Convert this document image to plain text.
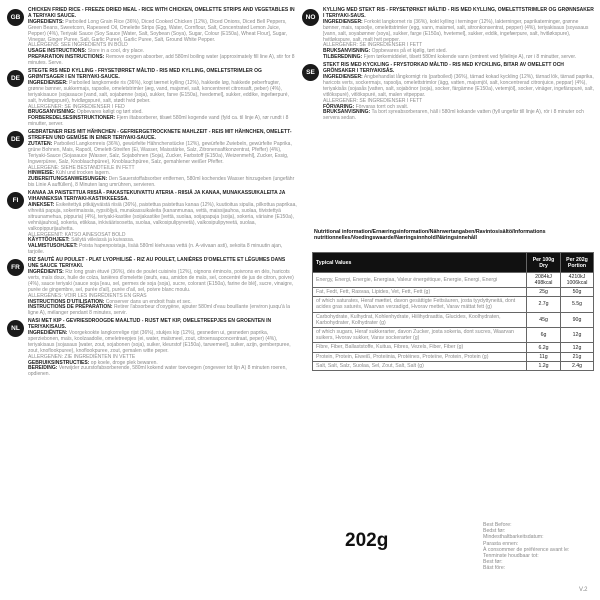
GB

CHICKEN FRIED RICE - FREEZE DRIED MEAL - RICE WITH CHICKEN, OMELETTE STRIPS AND VEGETABLES IN A TERIYAKI SAUCE.

INGREDIENTS: Parboiled Long Grain Rice (36%), Diced Cooked Chicken (12%), Diced Onions, Diced Bell Peppers, Green Beans, Sweetcorn, Rapeseed Oil, Omelette Strips (Egg, Water, Cornflour, Salt, Concentrated Lemon Juice, Pepper) (4%), Teriyaki Sauce (Soy Sauce [Water, Salt, Soybean (Soya), Sugar, Colour (E150a), Wheat Flour], Sugar, Vinegar, Ginger Puree, Salt, Garlic Puree), Garlic Puree, Salt, Ground White Pepper.

ALLERGENS: SEE INGREDIENTS IN BOLD

USAGE INSTRUCTIONS: Store in a cool, dry place.

PREPARATION INSTRUCTIONS: Remove oxygen absorber, add 580ml boiling water (approximately fill line A), stir for 8 minutes. Serve.

DE

STEGTE RIS MED KYLLING - FRYSETØRRET MÅLTID - RIS MED KYLLING, OMELETSTRIMLER OG GRØNTSAGER I EN TERIYAKI-SAUCE.

INGREDIENSER: Parboiled langkornede ris (36%), kogt tærnet kylling (12%), hakkede løg, hakkede peberfrugter, grønne bønner, sukkermajs, rapsolie, omeletstrimler (æg, vand, majsmel, salt, koncentreret citronsaft, peber) (4%), teriyakisauce (sojasauce [vand, salt, sojabønne (soja), sukker, farve (E150a), hvedemel], sukker, eddike, ingefærpuré, salt, hvidløgspuré), hvidløgspuré, salt, stødt hvid peber.

ALLERGENER: SE INGREDIENSER I FED

BRUGSANVISNING: Opbevares køligt og tørt sted.

FORBEREDELSESINSTRUKTIONER: Fjern iltabsorberer, tilsæt 580ml kogende vand (fyld ca. til linje A), rør rundt i 8 minutter, server.

DE

GEBRATENER REIS MIT HÄHNCHEN - GEFRIERGETROCKNETE MAHLZEIT - REIS MIT HÄHNCHEN, OMELETT-STREIFEN UND GEMÜSE IN EINER TERIYAKI-SAUCE.

ZUTATEN: Parboiled Langkornreis (36%), gewürfelte Hähnchenstücke (12%), gewürfelte Zwiebeln, gewürfelte Paprika, grüne Bohnen, Mais, Rapsöl, Omelett-Streifen (Ei, Wasser, Maisstärke, Salz, Zitronensaftkonzentrat, Pfeffer) (4%), Teriyaki-Sauce (Sojasauce [Wasser, Salz, Sojabohnen (Soja), Zucker, Farbstoff (E150a), Weizenmehl], Zucker, Essig, Ingwerpüree, Salz, Knoblauchpüree), Knoblauchpüree, Salz, gemahlener weißer Pfeffer.

ALLERGENE: SIEHE BESTANDTEILE IN FETT

HINWEISE: Kühl und trocken lagern.

ZUBEREITUNGSANWEISUNGEN: Den Sauerstoffabsorber entfernen, 580ml kochendes Wasser hinzugeben (ungefähr bis Linie A auffüllen), 8 Minuten lang umrühren, servieren.

FI

KANAA JA PAISTETTUA RIISIÄ - PAKASTEKUIVATTU ATERIA - RIISIÄ JA KANAA, MUNAKASSUIKALEITA JA VIHANNEKSIA TERIYAKI-KASTIKKEESSA.

AINEKSET: Esikeitettyä pitkäjyväistä riisiä (36%), paistettua paistettua kanaa (12%), kuutioitua sipulia, pilkottua paprikaa, vihreitä papuja, sokerimaissia, rypsiöljyä, munakassuikaleita (kananmunaa, vettä, maissijauhoa, suolaa, tiivistettyä sitruunamehua, pippuria) (4%), teriyaki-kastike (soijakastike [vettä, suolaa, soijapapuja (soija), sokeria, väriaine (E150a), vehnäjauhoa], sokeria, etikkaa, inkiväärisosetta, suolaa, valkosipulipyreetä), valkosipulipyreetä, suolaa, valkopippurijauhetta.

ALLERGEENIT: KATSO AINESOSAT BOLD

KÄYTTÖOHJEET: Säilytä viileässä ja kuivassa.

VALMISTUSOHJEET: Poista hapenpoistaja, lisää 580ml kiehuvaa vettä (n. A-viivaan asti), sekoita 8 minuutin ajan, tarjoile.

FR

RIZ SAUTÉ AU POULET - PLAT LYOPHILISÉ - RIZ AU POULET, LANIÈRES D'OMELETTE ET LÉGUMES DANS UNE SAUCE TERIYAKI.

INGRÉDIENTS: Riz long grain étuvé (36%), dés de poulet cuisinés (12%), oignons émincés, poivrons en dés, haricots verts, maïs doux, huile de colza, lanières d'omelette (œufs, eau, amidon de maïs, sel, concentré de jus de citron, poivre) (4%), sauce teriyaki (sauce soja [eau, sel, germes de soja (soja), sucre, colorant (E150a), farine de blé], sucre, vinaigre, purée de gingembre, sel, purée d'ail), purée d'ail, sel, poivre blanc moulu.

ALLERGÈNES: VOIR LES INGRÉDIENTS EN GRAS

INSTRUCTIONS D'UTILISATION: Conserver dans un endroit frais et sec.

INSTRUCTIONS DE PRÉPARATION: Retirer l'absorbeur d'oxygène, ajouter 580ml d'eau bouillante (environ jusqu'à la ligne A), mélanger pendant 8 minutes, servir.

NL

NASI MET KIP - GEVRIESDROOGDE MAALTIJD - RIJST MET KIP, OMELETREEPJES EN GROENTEN IN TERIYAKISAUS.

INGREDIËNTEN: Voorgekookte langkorrelige rijst (36%), stukjes kip (12%), gesneden ui, gesneden paprika, sperziebonen, maïs, koolzaadolie, omeletreepjes (ei, water, maïsmeel, zout, citroensapconcentraat, peper) (4%), teriyakisaus (sojasaus [water, zout, sojabonen (soja), suiker, kleurstof (E150a), tarwemeel], suiker, azijn, gemberpuree, zout, knoflookpuree), knoflookpuree, zout, gemalen witte peper.

ALLERGENEN: ZIE INGREDIËNTEN IN VETTE

GEBRUIKSINSTRUCTIES: op koele, droge plek bewaren.

BEREIDING: Verwijder zuurstofabsorberende, 580ml kokend water toevoegen (ongeveer tot lijn A) 8 minuten roeren, opdienen.

NO

KYLLING MED STEKT RIS - FRYSETØRKET MÅLTID - RIS MED KYLLING, OMELETTSTRIMLER OG GRØNNSAKER I TERIYAKI-SAUS.

INGREDIENSER: Forkokt langkornet ris (36%), kokt kylling i terninger (12%), lakterninger, paprikaterninger, grønne bønner, mais, rapsolje, omelettstrimler (egg, vann, maismel, salt, sitronkonsentrat, pepper) (4%), teriyakisaus (soyasaus [vann, salt, soyabønner (soya), sukker, farge (E150a), hvetemel], sukker, eddik, ingefærpure, salt, hvitløkspure), hvitløkspure, salt, malt hvit pepper.

ALLERGENER: SE INGREDIENSER I FETT

BRUKSANVISNING: Oppbevares på et kjølig, tørt sted.

TILBEREDNING: Fjern tørkemiddelet, tilsett 580ml kokende vann (omtrent ved fyllelinje A), rør i 8 minutter, server.

SE

STEKT RIS MED KYCKLING - FRYSTORKAD MÅLTID - RIS MED KYCKLING, BITAR AV OMELETT OCH GRÖNSAKER I TERIYAKISÅS.

INGREDIENSER: Angbehandlat långkornigt ris (parboiled) (36%), tärnad kokad kyckling (12%), tärnad lök, tärnad paprika, haricots verts, sockermajs, rapsolja, omelettstrimlor (ägg, vatten, majsmjöl, salt, koncentrerad citronjuice, peppar) (4%), teriyakisås (sojasås [vatten, salt, sojabönor (soja), socker, färgämne (E150a), vetemjöl], socker, vinäger, ingefärspuré, salt, vitlökspuré), vitlökspuré, salt, malen vitpeppar.

ALLERGENER: SE INGREDIENSER I FETT

FÖRVARING: Förvaras torrt och svalt.

BRUKSANVISNING: Ta bort syreabsorberaren, häll i 580ml kokande vatten (fyll ungefär till linje A), rör i 8 minuter och servera sedan.

Nutritional information/Ernæringsinformation/Nährwertangaben/Ravintosisältö/Informations nutritionnelles/Voedingswaarde/Næringsinnhold/Näringsinnehåll
Typical Values	Per 100g Dry	Per 202g Portion
Energy, Energi, Energie, Energiaa, Valeur énergétique, Energie, Energi, Energi	2084kJ 498kcal	4210kJ 1006kcal
Fat, Fedt, Fett, Rasvaa, Lipides, Vet, Fett, Fett (g)	25g	50g
of which saturates, Heraf mættet, davon gesättigte Fettsäuren, josta tyydyttyneitä, dont acides gras saturés, Waarvan verzadigd, Hvorav mettet, Varav mättat fett (g)	2.7g	5.5g
Carbohydrate, Kulhydrat, Kohlenhydrate, Hiilihydraattia, Glucides, Koolhydraten, Karbohydrater, Kolhydrater (g)	45g	90g
of which sugars, Heraf sukkerarter, davon Zucker, josta sokeria, dont sucres, Waarvan suikers, Hvorav sukker, Varav sockerarter (g)	6g	12g
Fibre, Fiber, Ballaststoffe, Kuitua, Fibres, Vezels, Fiber, Fiber (g)	6.2g	12g
Protein, Protein, Eiweiß, Proteiinia, Protéines, Proteïne, Protein, Protein (g)	11g	21g
Salt, Salt, Salz, Suolaa, Sel, Zout, Salt, Salt (g)	1.2g	2.4g
202g
Best Before:
Bedst før:
Mindesthaltbarkeitsdatum:
Parasta ennen:
À consommer de préférence avant le:
Tenminste houdbaar tot:
Best før:
Bäst före:
V.2
